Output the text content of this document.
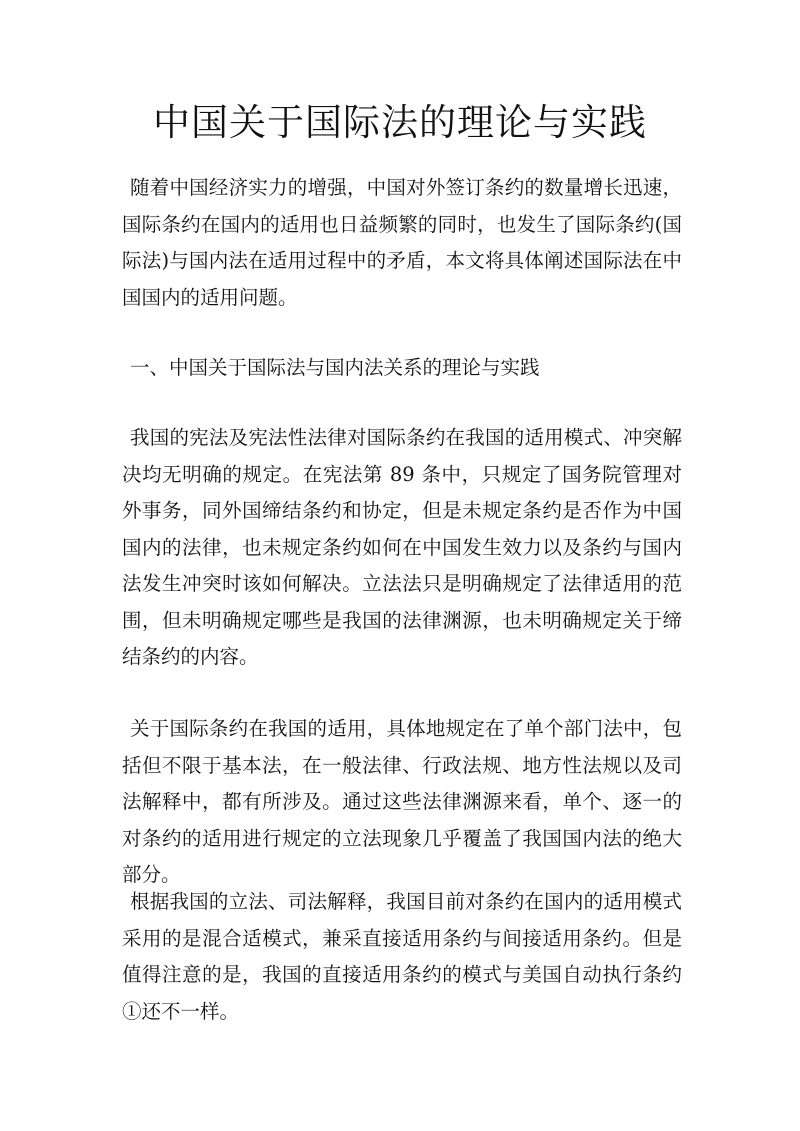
中国关于国际法的理论与实践

随着中国经济实力的增强，中国对外签订条约的数量增长迅速，国际条约在国内的适用也日益频繁的同时，也发生了国际条约(国际法)与国内法在适用过程中的矛盾，本文将具体阐述国际法在中国国内的适用问题。

一、中国关于国际法与国内法关系的理论与实践

我国的宪法及宪法性法律对国际条约在我国的适用模式、冲突解决均无明确的规定。在宪法第 89 条中，只规定了国务院管理对外事务，同外国缔结条约和协定，但是未规定条约是否作为中国国内的法律，也未规定条约如何在中国发生效力以及条约与国内法发生冲突时该如何解决。立法法只是明确规定了法律适用的范围，但未明确规定哪些是我国的法律渊源，也未明确规定关于缔结条约的内容。

关于国际条约在我国的适用，具体地规定在了单个部门法中，包括但不限于基本法，在一般法律、行政法规、地方性法规以及司法解释中，都有所涉及。通过这些法律渊源来看，单个、逐一的对条约的适用进行规定的立法现象几乎覆盖了我国国内法的绝大部分。

根据我国的立法、司法解释，我国目前对条约在国内的适用模式采用的是混合适模式，兼采直接适用条约与间接适用条约。但是值得注意的是，我国的直接适用条约的模式与美国自动执行条约①还不一样。
